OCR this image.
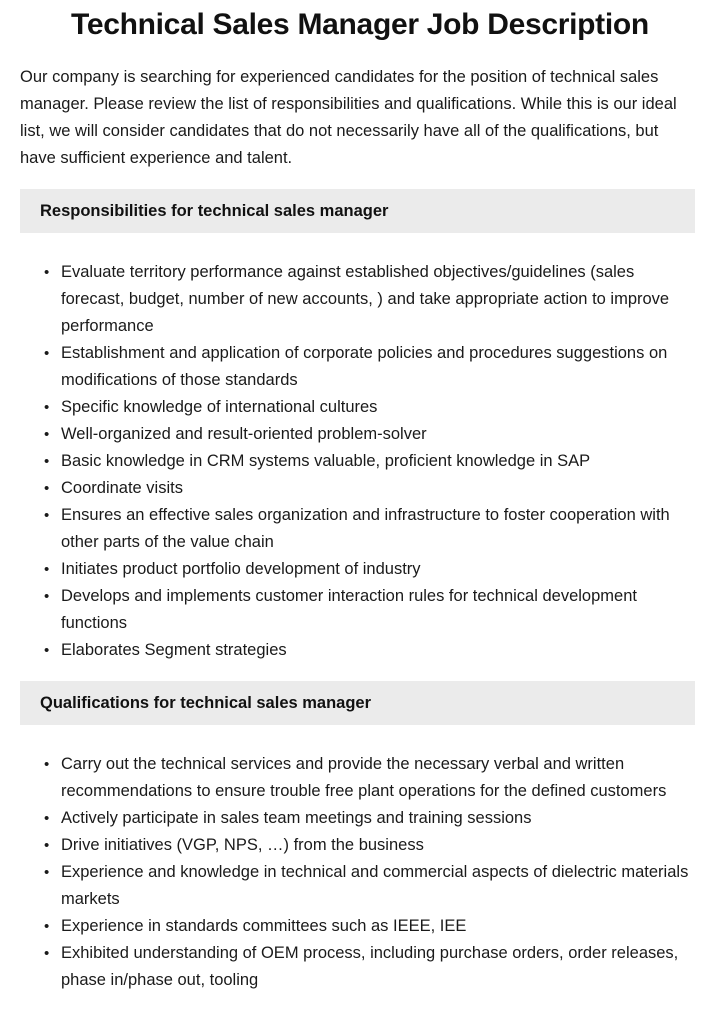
Technical Sales Manager Job Description

Our company is searching for experienced candidates for the position of technical sales manager. Please review the list of responsibilities and qualifications. While this is our ideal list, we will consider candidates that do not necessarily have all of the qualifications, but have sufficient experience and talent.

Responsibilities for technical sales manager
• Evaluate territory performance against established objectives/guidelines (sales forecast, budget, number of new accounts, ) and take appropriate action to improve performance
• Establishment and application of corporate policies and procedures suggestions on modifications of those standards
• Specific knowledge of international cultures
• Well-organized and result-oriented problem-solver
• Basic knowledge in CRM systems valuable, proficient knowledge in SAP
• Coordinate visits
• Ensures an effective sales organization and infrastructure to foster cooperation with other parts of the value chain
• Initiates product portfolio development of industry
• Develops and implements customer interaction rules for technical development functions
• Elaborates Segment strategies
Qualifications for technical sales manager
• Carry out the technical services and provide the necessary verbal and written recommendations to ensure trouble free plant operations for the defined customers
• Actively participate in sales team meetings and training sessions
• Drive initiatives (VGP, NPS, …) from the business
• Experience and knowledge in technical and commercial aspects of dielectric materials markets
• Experience in standards committees such as IEEE, IEE
• Exhibited understanding of OEM process, including purchase orders, order releases, phase in/phase out, tooling
